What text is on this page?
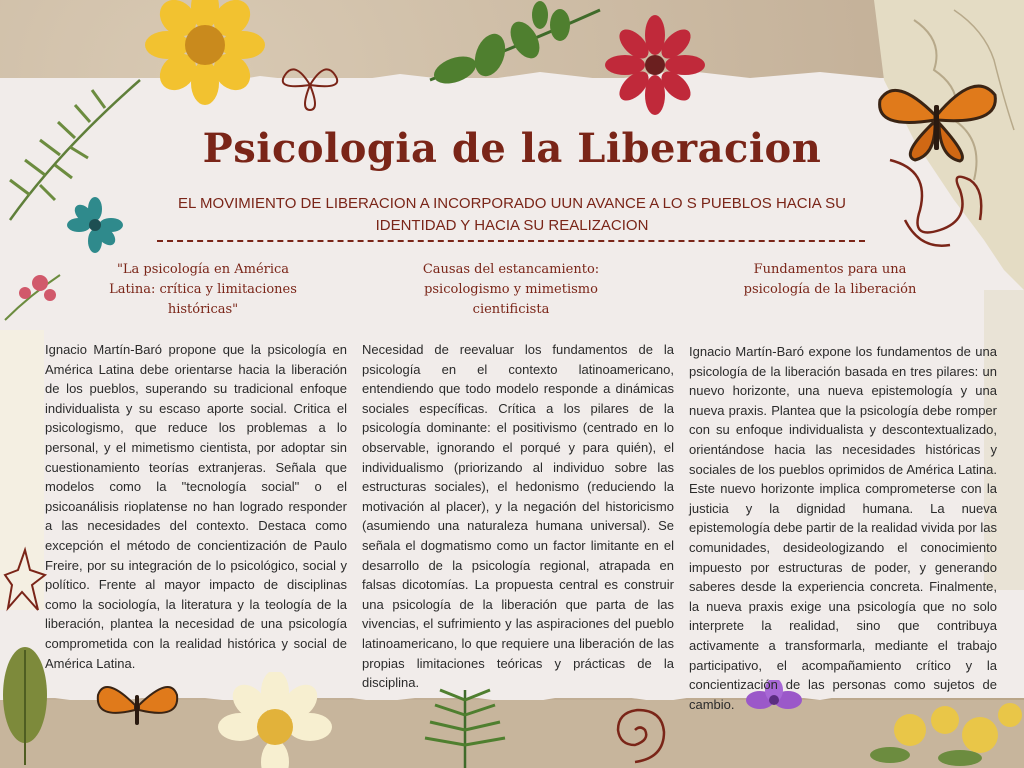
Psicologia de la Liberacion

EL MOVIMIENTO DE LIBERACION A INCORPORADO UUN AVANCE A LO S PUEBLOS HACIA SU IDENTIDAD Y HACIA SU REALIZACION

"La psicología en América Latina: crítica y limitaciones históricas"
Causas del estancamiento: psicologismo y mimetismo cientificista
Fundamentos para una psicología de la liberación
Ignacio Martín-Baró propone que la psicología en América Latina debe orientarse hacia la liberación de los pueblos, superando su tradicional enfoque individualista y su escaso aporte social. Critica el psicologismo, que reduce los problemas a lo personal, y el mimetismo cientista, por adoptar sin cuestionamiento teorías extranjeras. Señala que modelos como la "tecnología social" o el psicoanálisis rioplatense no han logrado responder a las necesidades del contexto. Destaca como excepción el método de concientización de Paulo Freire, por su integración de lo psicológico, social y político. Frente al mayor impacto de disciplinas como la sociología, la literatura y la teología de la liberación, plantea la necesidad de una psicología comprometida con la realidad histórica y social de América Latina.
Necesidad de reevaluar los fundamentos de la psicología en el contexto latinoamericano, entendiendo que todo modelo responde a dinámicas sociales específicas. Crítica a los pilares de la psicología dominante: el positivismo (centrado en lo observable, ignorando el porqué y para quién), el individualismo (priorizando al individuo sobre las estructuras sociales), el hedonismo (reduciendo la motivación al placer), y la negación del historicismo (asumiendo una naturaleza humana universal). Se señala el dogmatismo como un factor limitante en el desarrollo de la psicología regional, atrapada en falsas dicotomías. La propuesta central es construir una psicología de la liberación que parta de las vivencias, el sufrimiento y las aspiraciones del pueblo latinoamericano, lo que requiere una liberación de las propias limitaciones teóricas y prácticas de la disciplina.
Ignacio Martín-Baró expone los fundamentos de una psicología de la liberación basada en tres pilares: un nuevo horizonte, una nueva epistemología y una nueva praxis. Plantea que la psicología debe romper con su enfoque individualista y descontextualizado, orientándose hacia las necesidades históricas y sociales de los pueblos oprimidos de América Latina. Este nuevo horizonte implica comprometerse con la justicia y la dignidad humana. La nueva epistemología debe partir de la realidad vivida por las comunidades, desideologizando el conocimiento impuesto por estructuras de poder, y generando saberes desde la experiencia concreta. Finalmente, la nueva praxis exige una psicología que no solo interprete la realidad, sino que contribuya activamente a transformarla, mediante el trabajo participativo, el acompañamiento crítico y la concientización de las personas como sujetos de cambio.
